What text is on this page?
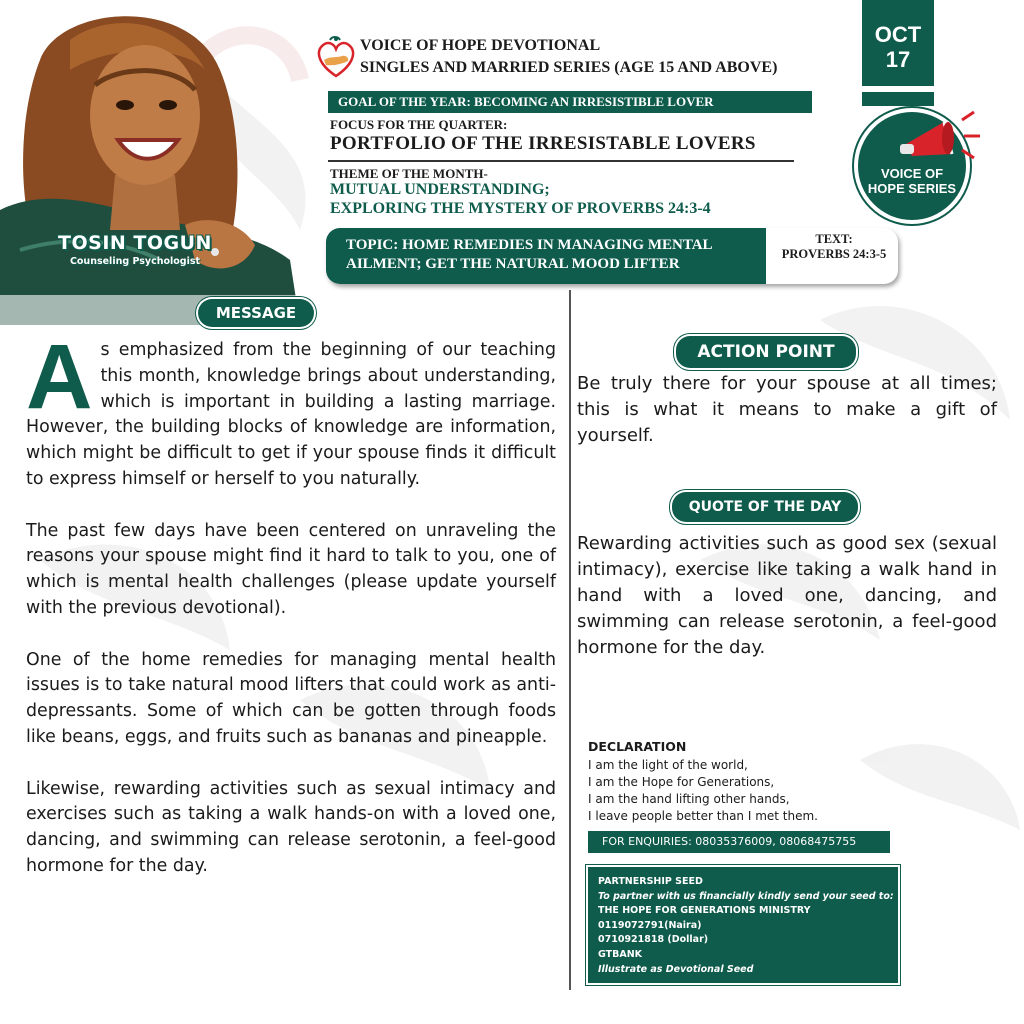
TOSIN TOGUN
Counseling Psychologist
VOICE OF HOPE DEVOTIONAL
SINGLES AND MARRIED SERIES (AGE 15 AND ABOVE)
OCT
17
GOAL OF THE YEAR: BECOMING AN IRRESISTIBLE LOVER
FOCUS FOR THE QUARTER:
PORTFOLIO OF THE IRRESISTABLE LOVERS
THEME OF THE MONTH-
MUTUAL UNDERSTANDING;
EXPLORING THE MYSTERY OF PROVERBS 24:3-4
VOICE OF
HOPE SERIES
TOPIC: HOME REMEDIES IN MANAGING MENTAL AILMENT; GET THE NATURAL MOOD LIFTER
TEXT:
PROVERBS 24:3-5
MESSAGE
ACTION POINT
QUOTE OF THE DAY

As emphasized from the beginning of our teaching this month, knowledge brings about understanding, which is important in building a lasting marriage. However, the building blocks of knowledge are information, which might be difficult to get if your spouse finds it difficult to express himself or herself to you naturally.

The past few days have been centered on unraveling the reasons your spouse might find it hard to talk to you, one of which is mental health challenges (please update yourself with the previous devotional).

One of the home remedies for managing mental health issues is to take natural mood lifters that could work as anti-depressants. Some of which can be gotten through foods like beans, eggs, and fruits such as bananas and pineapple.

Likewise, rewarding activities such as sexual intimacy and exercises such as taking a walk hands-on with a loved one, dancing, and swimming can release serotonin, a feel-good hormone for the day.

Be truly there for your spouse at all times; this is what it means to make a gift of yourself.
Rewarding activities such as good sex (sexual intimacy), exercise like taking a walk hand in hand with a loved one, dancing, and swimming can release serotonin, a feel-good hormone for the day.
DECLARATION
I am the light of the world,
I am the Hope for Generations,
I am the hand lifting other hands,
I leave people better than I met them.
FOR ENQUIRIES: 08035376009, 08068475755
PARTNERSHIP SEED
To partner with us financially kindly send your seed to:
THE HOPE FOR GENERATIONS MINISTRY
0119072791(Naira)
0710921818 (Dollar)
GTBANK
Illustrate as Devotional Seed
